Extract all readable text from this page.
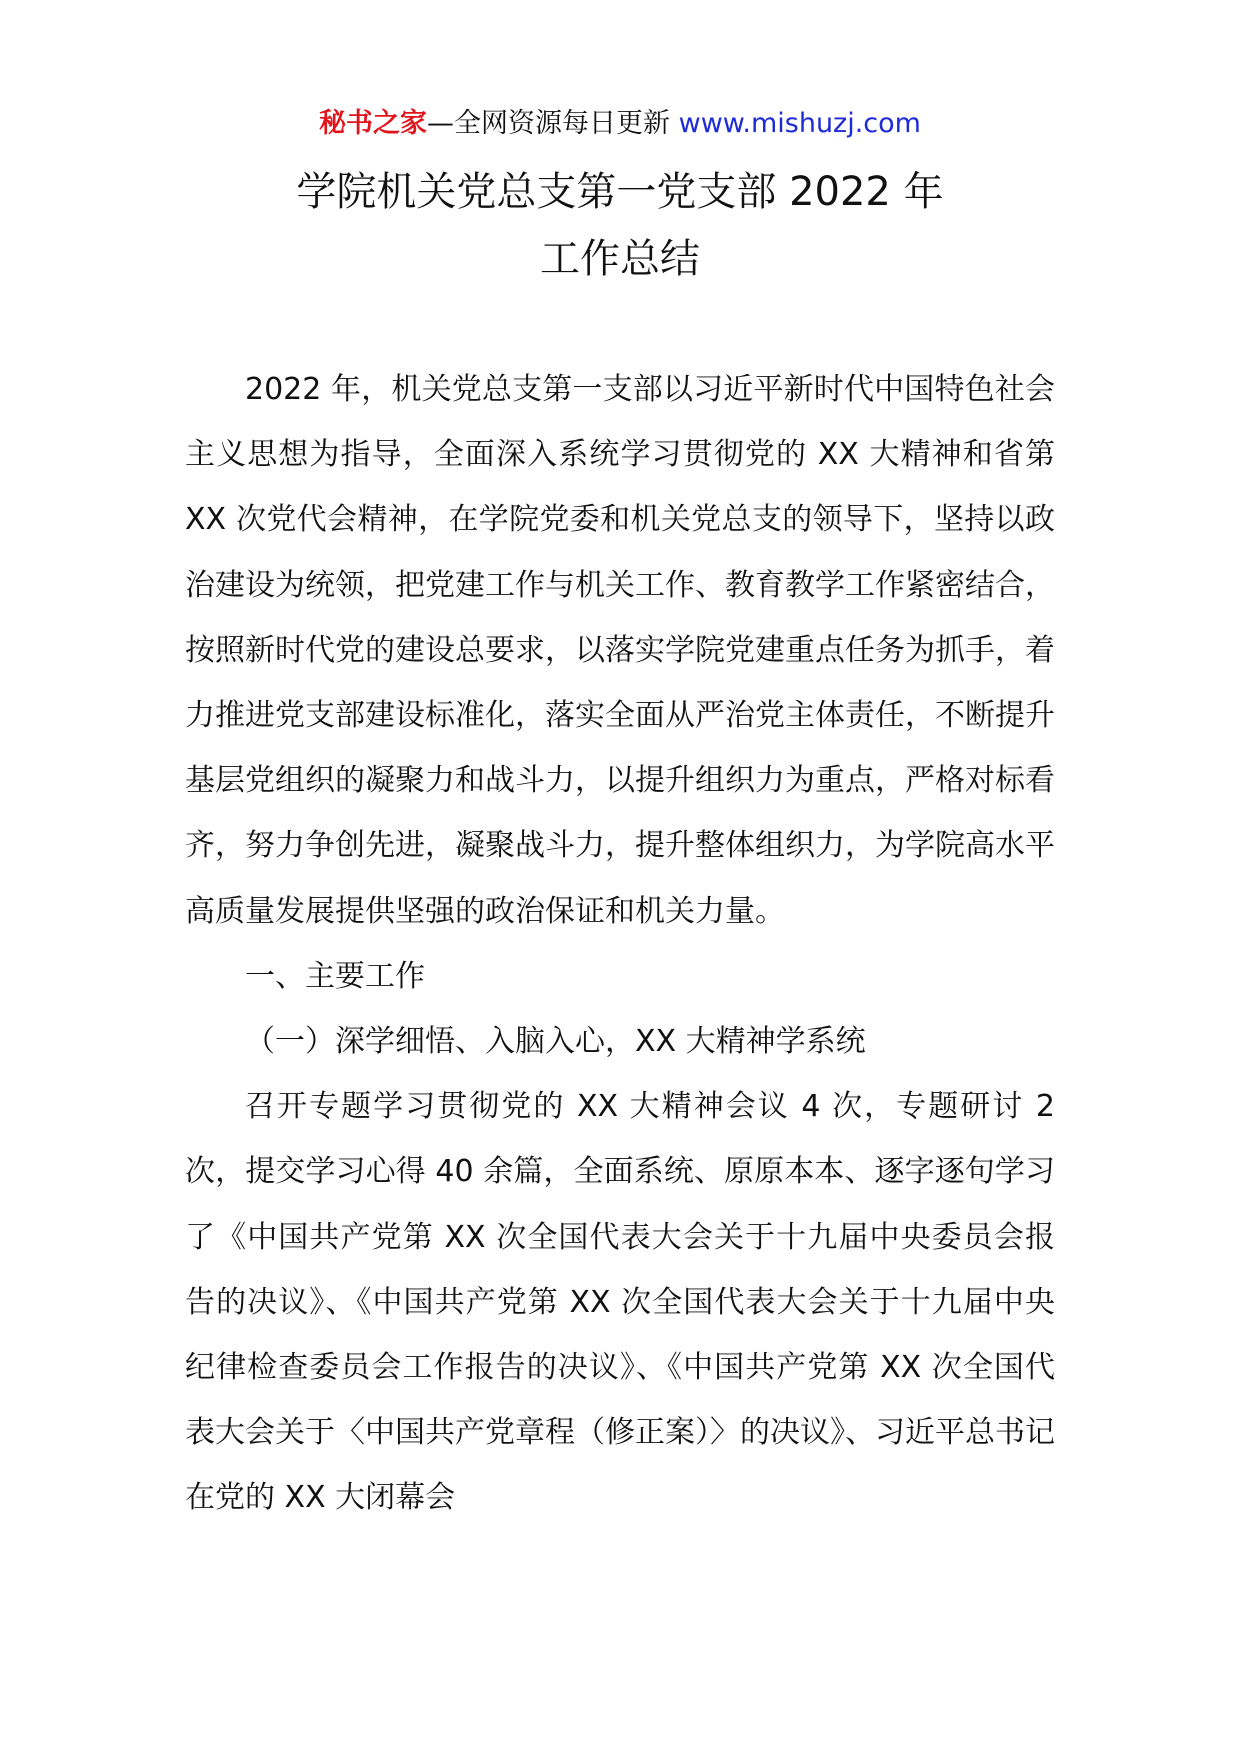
秘书之家—全网资源每日更新 www.mishuzj.com
学院机关党总支第一党支部 2022 年
工作总结

2022 年，机关党总支第一支部以习近平新时代中国特色社会主义思想为指导，全面深入系统学习贯彻党的 XX 大精神和省第 XX 次党代会精神，在学院党委和机关党总支的领导下，坚持以政治建设为统领，把党建工作与机关工作、教育教学工作紧密结合，按照新时代党的建设总要求，以落实学院党建重点任务为抓手，着力推进党支部建设标准化，落实全面从严治党主体责任，不断提升基层党组织的凝聚力和战斗力，以提升组织力为重点，严格对标看齐，努力争创先进，凝聚战斗力，提升整体组织力，为学院高水平高质量发展提供坚强的政治保证和机关力量。

一、主要工作

（一）深学细悟、入脑入心，XX 大精神学系统

召开专题学习贯彻党的 XX 大精神会议 4 次，专题研讨 2 次，提交学习心得 40 余篇，全面系统、原原本本、逐字逐句学习了《中国共产党第 XX 次全国代表大会关于十九届中央委员会报告的决议》、《中国共产党第 XX 次全国代表大会关于十九届中央纪律检查委员会工作报告的决议》、《中国共产党第 XX 次全国代表大会关于〈中国共产党章程（修正案）〉的决议》、习近平总书记在党的 XX 大闭幕会
